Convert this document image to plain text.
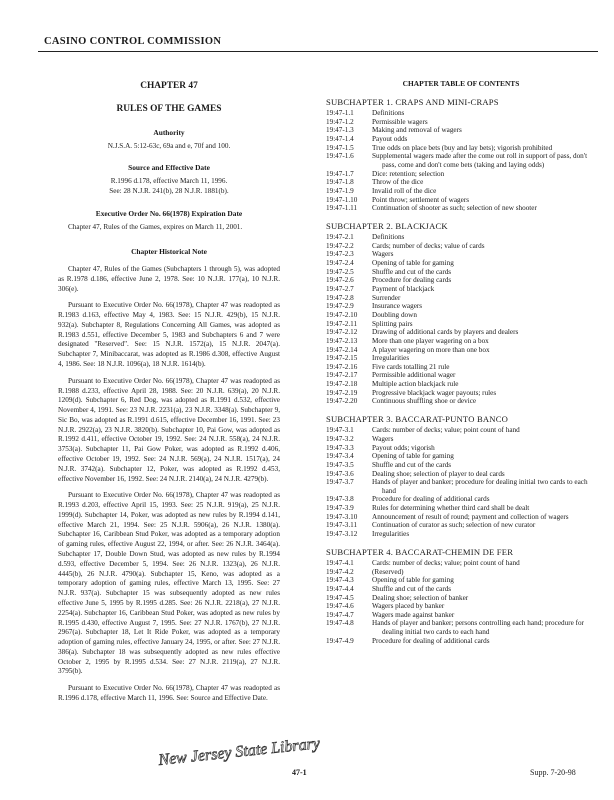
CASINO CONTROL COMMISSION
CHAPTER 47
RULES OF THE GAMES
Authority

N.J.S.A. 5:12-63c, 69a and e, 70f and 100.

Source and Effective Date

R.1996 d.178, effective March 11, 1996.

See: 28 N.J.R. 241(b), 28 N.J.R. 1881(b).

Executive Order No. 66(1978) Expiration Date

Chapter 47, Rules of the Games, expires on March 11, 2001.

Chapter Historical Note

Chapter 47, Rules of the Games (Subchapters 1 through 5), was adopted as R.1978 d.186, effective June 2, 1978. See: 10 N.J.R. 177(a), 10 N.J.R. 306(e).

Pursuant to Executive Order No. 66(1978), Chapter 47 was readopted as R.1983 d.163, effective May 4, 1983. See: 15 N.J.R. 429(b), 15 N.J.R. 932(a). Subchapter 8, Regulations Concerning All Games, was adopted as R.1983 d.551, effective December 5, 1983 and Subchapters 6 and 7 were designated "Reserved". See: 15 N.J.R. 1572(a), 15 N.J.R. 2047(a). Subchapter 7, Minibaccarat, was adopted as R.1986 d.308, effective August 4, 1986. See: 18 N.J.R. 1096(a), 18 N.J.R. 1614(b).

Pursuant to Executive Order No. 66(1978), Chapter 47 was readopted as R.1988 d.233, effective April 28, 1988. See: 20 N.J.R. 639(a), 20 N.J.R. 1209(d). Subchapter 6, Red Dog, was adopted as R.1991 d.532, effective November 4, 1991. See: 23 N.J.R. 2231(a), 23 N.J.R. 3348(a). Subchapter 9, Sic Bo, was adopted as R.1991 d.615, effective December 16, 1991. See: 23 N.J.R. 2922(a), 23 N.J.R. 3820(b). Subchapter 10, Pai Gow, was adopted as R.1992 d.411, effective October 19, 1992. See: 24 N.J.R. 558(a), 24 N.J.R. 3753(a). Subchapter 11, Pai Gow Poker, was adopted as R.1992 d.406, effective October 19, 1992. See: 24 N.J.R. 569(a), 24 N.J.R. 1517(a), 24 N.J.R. 3742(a). Subchapter 12, Poker, was adopted as R.1992 d.453, effective November 16, 1992. See: 24 N.J.R. 2140(a), 24 N.J.R. 4279(b).

Pursuant to Executive Order No. 66(1978), Chapter 47 was readopted as R.1993 d.203, effective April 15, 1993. See: 25 N.J.R. 919(a), 25 N.J.R. 1999(d). Subchapter 14, Poker, was adopted as new rules by R.1994 d.141, effective March 21, 1994. See: 25 N.J.R. 5906(a), 26 N.J.R. 1380(a). Subchapter 16, Caribbean Stud Poker, was adopted as a temporary adoption of gaming rules, effective August 22, 1994, or after. See: 26 N.J.R. 3464(a). Subchapter 17, Double Down Stud, was adopted as new rules by R.1994 d.593, effective December 5, 1994. See: 26 N.J.R. 1323(a), 26 N.J.R. 4445(b), 26 N.J.R. 4790(a). Subchapter 15, Keno, was adopted as a temporary adoption of gaming rules, effective March 13, 1995. See: 27 N.J.R. 937(a). Subchapter 15 was subsequently adopted as new rules effective June 5, 1995 by R.1995 d.285. See: 26 N.J.R. 2218(a), 27 N.J.R. 2254(a). Subchapter 16, Caribbean Stud Poker, was adopted as new rules by R.1995 d.430, effective August 7, 1995. See: 27 N.J.R. 1767(b), 27 N.J.R. 2967(a). Subchapter 18, Let It Ride Poker, was adopted as a temporary adoption of gaming rules, effective January 24, 1995, or after. See: 27 N.J.R. 386(a). Subchapter 18 was subsequently adopted as new rules effective October 2, 1995 by R.1995 d.534. See: 27 N.J.R. 2119(a), 27 N.J.R. 3795(b).

Pursuant to Executive Order No. 66(1978), Chapter 47 was readopted as R.1996 d.178, effective March 11, 1996. See: Source and Effective Date.

New Jersey State Library
CHAPTER TABLE OF CONTENTS
SUBCHAPTER 1. CRAPS AND MINI-CRAPS
19:47-1.1	Definitions
19:47-1.2	Permissible wagers
19:47-1.3	Making and removal of wagers
19:47-1.4	Payout odds
19:47-1.5	True odds on place bets (buy and lay bets); vigorish prohibited
19:47-1.6	Supplemental wagers made after the come out roll in support of pass, don't pass, come and don't come bets (taking and laying odds)
19:47-1.7	Dice: retention; selection
19:47-1.8	Throw of the dice
19:47-1.9	Invalid roll of the dice
19:47-1.10	Point throw; settlement of wagers
19:47-1.11	Continuation of shooter as such; selection of new shooter
SUBCHAPTER 2. BLACKJACK
19:47-2.1	Definitions
19:47-2.2	Cards; number of decks; value of cards
19:47-2.3	Wagers
19:47-2.4	Opening of table for gaming
19:47-2.5	Shuffle and cut of the cards
19:47-2.6	Procedure for dealing cards
19:47-2.7	Payment of blackjack
19:47-2.8	Surrender
19:47-2.9	Insurance wagers
19:47-2.10	Doubling down
19:47-2.11	Splitting pairs
19:47-2.12	Drawing of additional cards by players and dealers
19:47-2.13	More than one player wagering on a box
19:47-2.14	A player wagering on more than one box
19:47-2.15	Irregularities
19:47-2.16	Five cards totalling 21 rule
19:47-2.17	Permissible additional wager
19:47-2.18	Multiple action blackjack rule
19:47-2.19	Progressive blackjack wager payouts; rules
19:47-2.20	Continuous shuffling shoe or device
SUBCHAPTER 3. BACCARAT-PUNTO BANCO
19:47-3.1	Cards: number of decks; value; point count of hand
19:47-3.2	Wagers
19:47-3.3	Payout odds; vigorish
19:47-3.4	Opening of table for gaming
19:47-3.5	Shuffle and cut of the cards
19:47-3.6	Dealing shoe; selection of player to deal cards
19:47-3.7	Hands of player and banker; procedure for dealing initial two cards to each hand
19:47-3.8	Procedure for dealing of additional cards
19:47-3.9	Rules for determining whether third card shall be dealt
19:47-3.10	Announcement of result of round; payment and collection of wagers
19:47-3.11	Continuation of curator as such; selection of new curator
19:47-3.12	Irregularities
SUBCHAPTER 4. BACCARAT-CHEMIN DE FER
19:47-4.1	Cards: number of decks; value; point count of hand
19:47-4.2	(Reserved)
19:47-4.3	Opening of table for gaming
19:47-4.4	Shuffle and cut of the cards
19:47-4.5	Dealing shoe; selection of banker
19:47-4.6	Wagers placed by banker
19:47-4.7	Wagers made against banker
19:47-4.8	Hands of player and banker; persons controlling each hand; procedure for dealing initial two cards to each hand
19:47-4.9	Procedure for dealing of additional cards
47-1	Supp. 7-20-98
